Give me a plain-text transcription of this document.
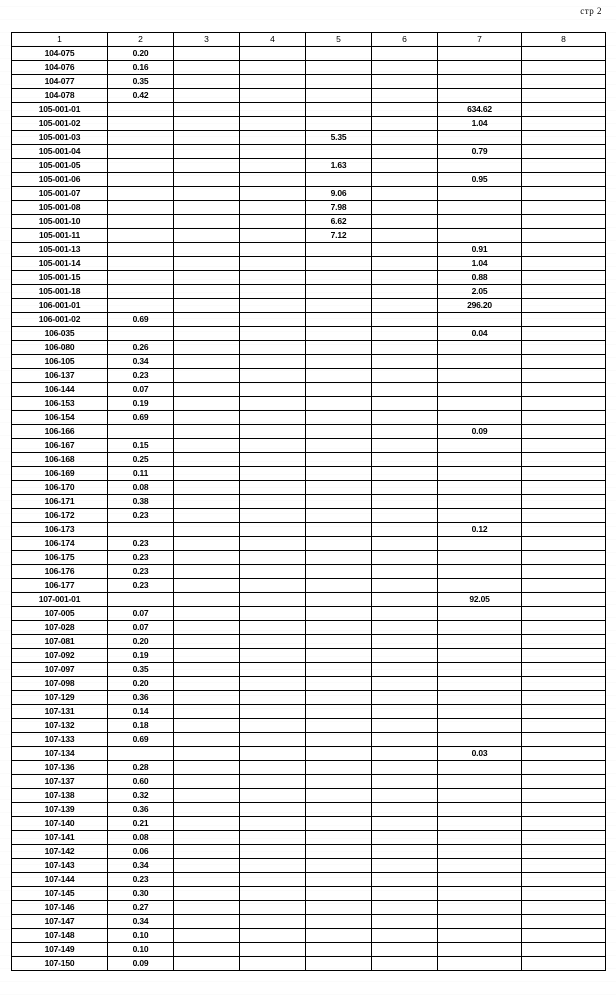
стр 2
1	2	3	4	5	6	7	8
104-075	0.20						
104-076	0.16						
104-077	0.35						
104-078	0.42						
105-001-01						634.62	
105-001-02						1.04	
105-001-03				5.35			
105-001-04						0.79	
105-001-05				1.63			
105-001-06						0.95	
105-001-07				9.06			
105-001-08				7.98			
105-001-10				6.62			
105-001-11				7.12			
105-001-13						0.91	
105-001-14						1.04	
105-001-15						0.88	
105-001-18						2.05	
106-001-01						296.20	
106-001-02	0.69						
106-035						0.04	
106-080	0.26						
106-105	0.34						
106-137	0.23						
106-144	0.07						
106-153	0.19						
106-154	0.69						
106-166						0.09	
106-167	0.15						
106-168	0.25						
106-169	0.11						
106-170	0.08						
106-171	0.38						
106-172	0.23						
106-173						0.12	
106-174	0.23						
106-175	0.23						
106-176	0.23						
106-177	0.23						
107-001-01						92.05	
107-005	0.07						
107-028	0.07						
107-081	0.20						
107-092	0.19						
107-097	0.35						
107-098	0.20						
107-129	0.36						
107-131	0.14						
107-132	0.18						
107-133	0.69						
107-134						0.03	
107-136	0.28						
107-137	0.60						
107-138	0.32						
107-139	0.36						
107-140	0.21						
107-141	0.08						
107-142	0.06						
107-143	0.34						
107-144	0.23						
107-145	0.30						
107-146	0.27						
107-147	0.34						
107-148	0.10						
107-149	0.10						
107-150	0.09						
